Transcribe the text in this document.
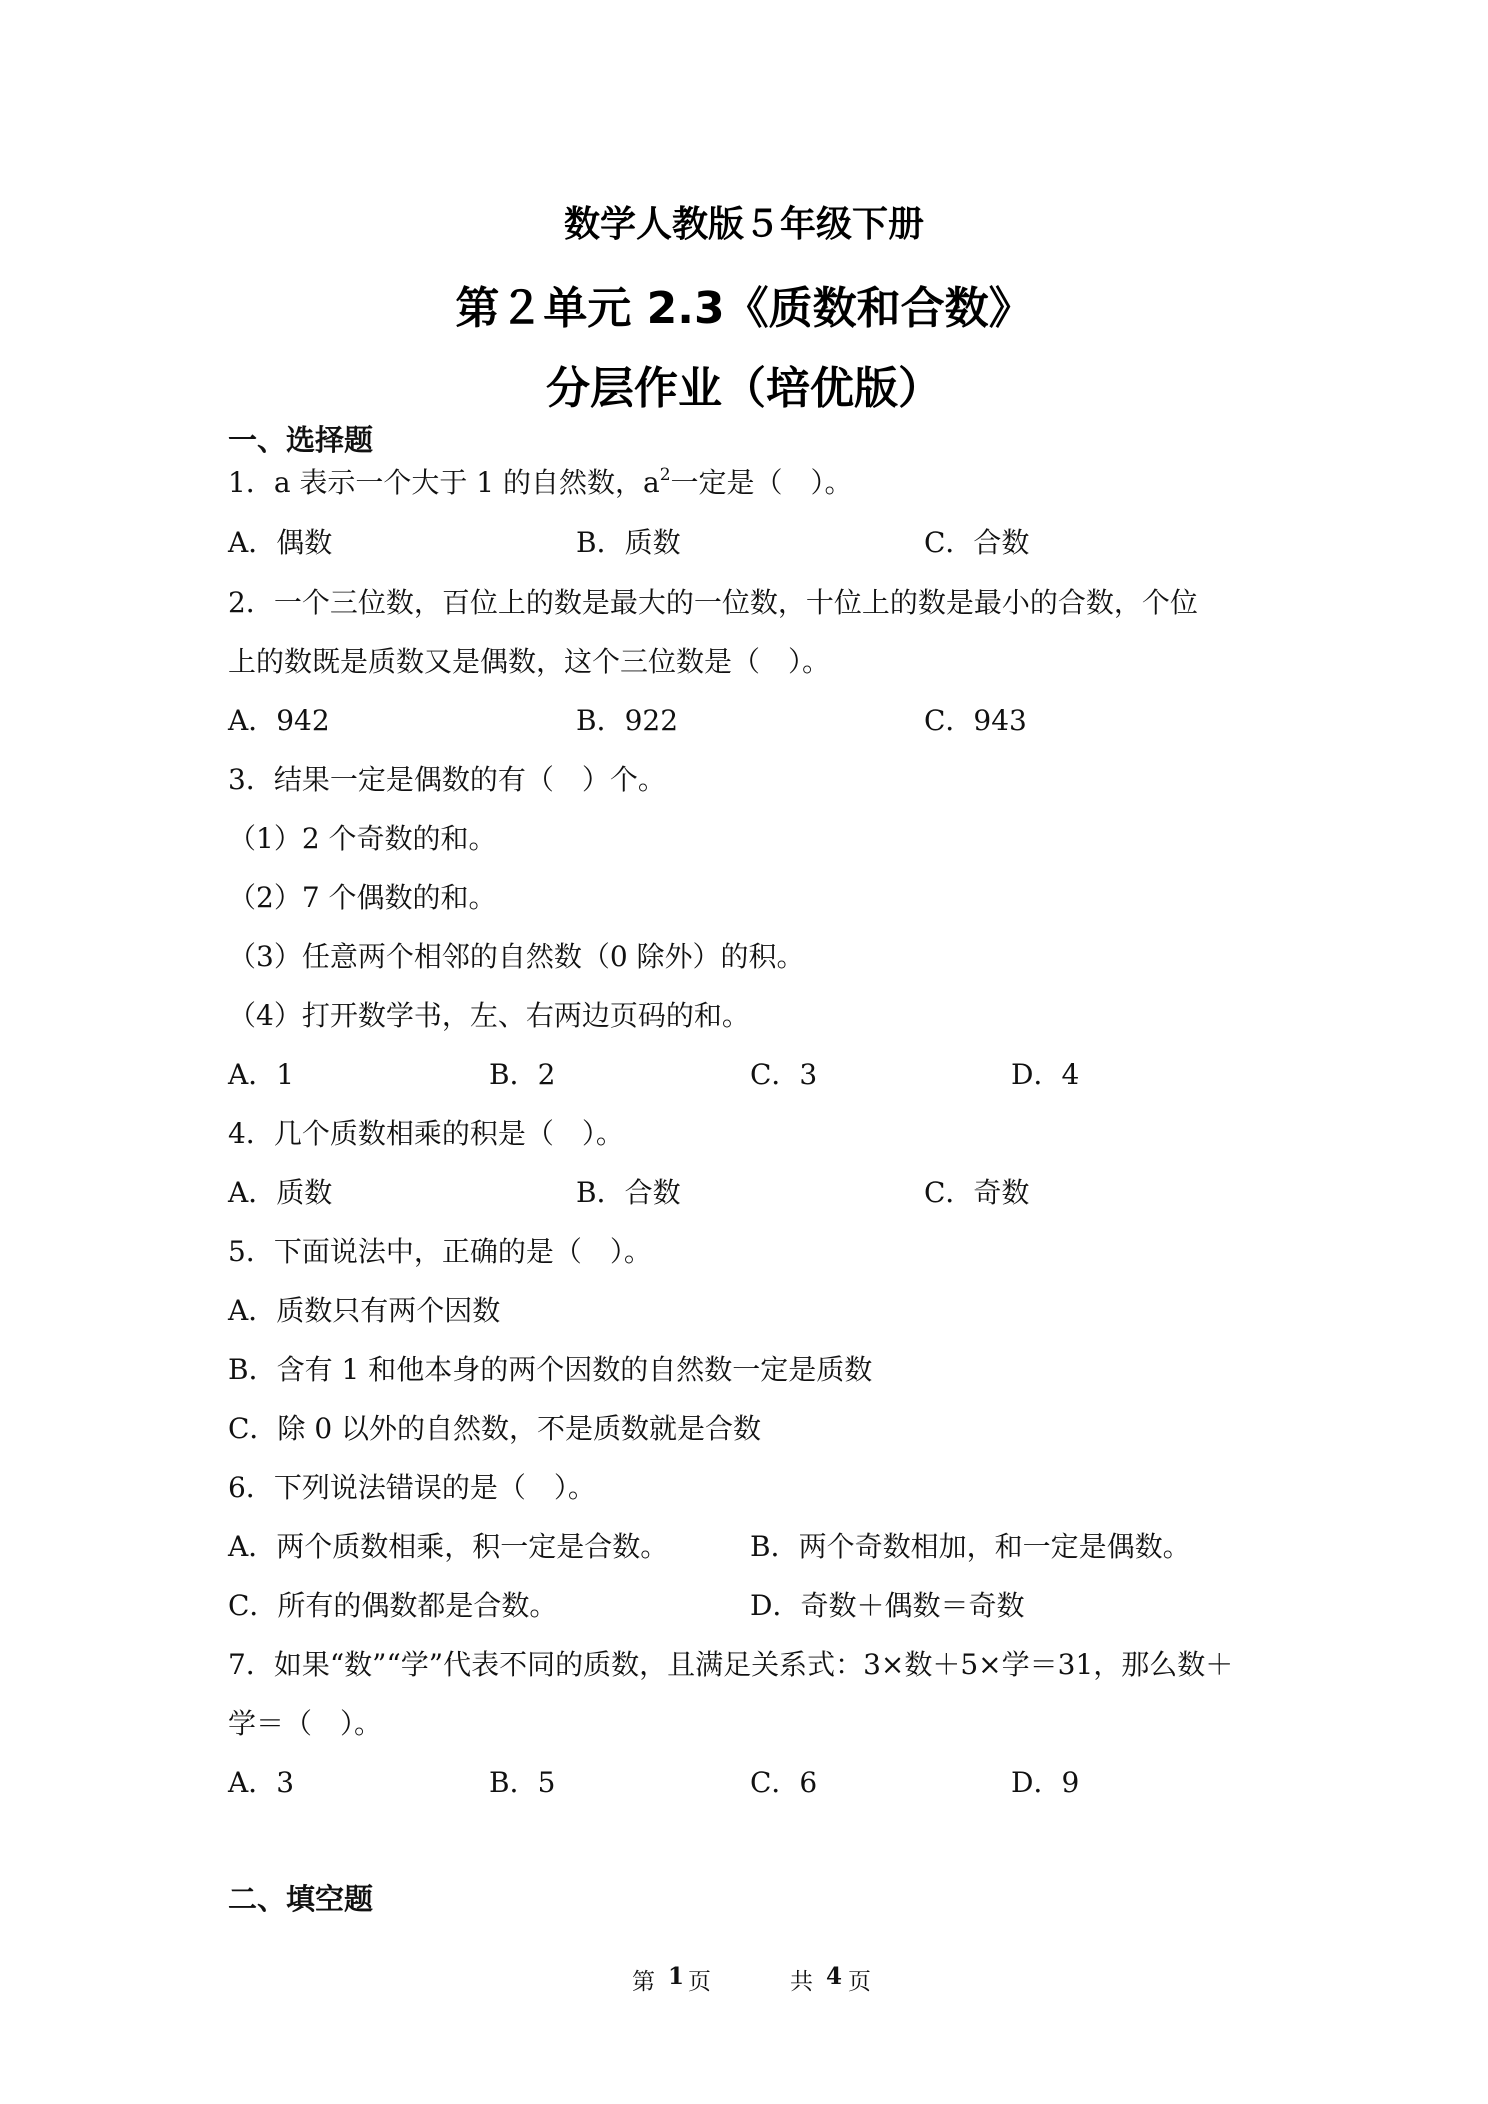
数学人教版５年级下册
第２单元 2.3《质数和合数》
分层作业（培优版）
一、选择题
1．a 表示一个大于 1 的自然数，$a^2$一定是（　）。
A．偶数	B．质数	C．合数
2．一个三位数，百位上的数是最大的一位数，十位上的数是最小的合数，个位
上的数既是质数又是偶数，这个三位数是（　）。
A．942	B．922	C．943
3．结果一定是偶数的有（　）个。
（1）2 个奇数的和。
（2）7 个偶数的和。
（3）任意两个相邻的自然数（0 除外）的积。
（4）打开数学书，左、右两边页码的和。
A．1	B．2	C．3	D．4
4．几个质数相乘的积是（　）。
A．质数	B．合数	C．奇数
5．下面说法中，正确的是（　）。
A．质数只有两个因数
B．含有 1 和他本身的两个因数的自然数一定是质数
C．除 0 以外的自然数，不是质数就是合数
6．下列说法错误的是（　）。
A．两个质数相乘，积一定是合数。	B．两个奇数相加，和一定是偶数。
C．所有的偶数都是合数。	D．奇数＋偶数＝奇数
7．如果“数”“学”代表不同的质数，且满足关系式：3×数＋5×学＝31，那么数＋
学＝（　）。
A．3	B．5	C．6	D．9
二、填空题
第 1 页	共 4 页
